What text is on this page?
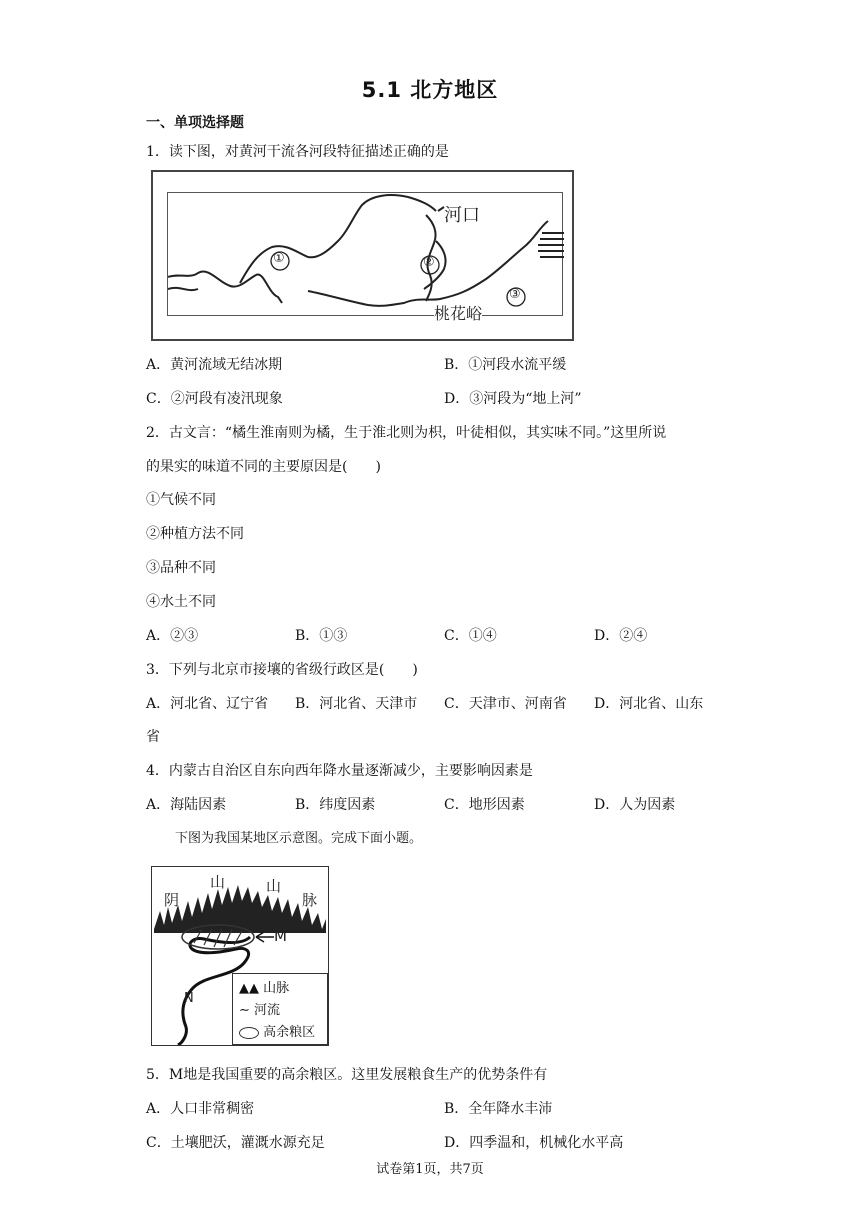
5.1 北方地区
一、单项选择题
1．读下图，对黄河干流各河段特征描述正确的是
①	②
③
河口
桃花峪
A．黄河流域无结冰期	B．①河段水流平缓
C．②河段有凌汛现象	D．③河段为“地上河”
2．古文言：“橘生淮南则为橘，生于淮北则为枳，叶徒相似，其实味不同。”这里所说
的果实的味道不同的主要原因是(　　)
①气候不同
②种植方法不同
③品种不同
④水土不同
A．②③	B．①③	C．①④	D．②④
3．下列与北京市接壤的省级行政区是(　　)
A．河北省、辽宁省 B．河北省、天津市 C．天津市、河南省 D．河北省、山东
省
4．内蒙古自治区自东向西年降水量逐渐减少，主要影响因素是
A．海陆因素	B．纬度因素	C．地形因素	D．人为因素
下图为我国某地区示意图。完成下面小题。
阴
山	山
脉
M
N
▲▲ 山脉
∼ 河流
高余粮区
5．M地是我国重要的高余粮区。这里发展粮食生产的优势条件有
A．人口非常稠密	B．全年降水丰沛
C．土壤肥沃，灌溉水源充足	D．四季温和，机械化水平高
试卷第1页，共7页
